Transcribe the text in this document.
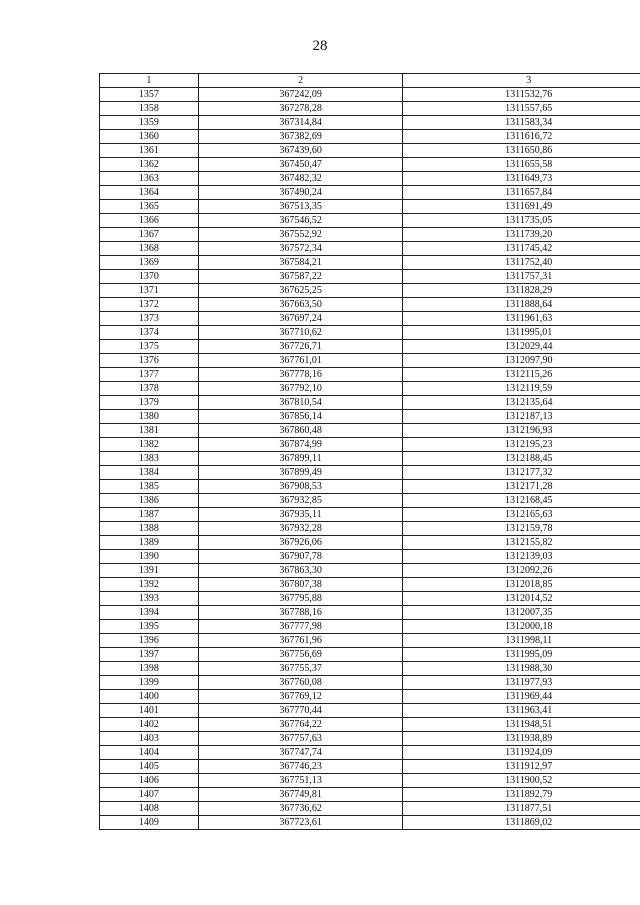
28
1	2	3
1357	367242,09	1311532,76
1358	367278,28	1311557,65
1359	367314,84	1311583,34
1360	367382,69	1311616,72
1361	367439,60	1311650,86
1362	367450,47	1311655,58
1363	367482,32	1311649,73
1364	367490,24	1311657,84
1365	367513,35	1311691,49
1366	367546,52	1311735,05
1367	367552,92	1311739,20
1368	367572,34	1311745,42
1369	367584,21	1311752,40
1370	367587,22	1311757,31
1371	367625,25	1311828,29
1372	367663,50	1311888,64
1373	367697,24	1311961,63
1374	367710,62	1311995,01
1375	367726,71	1312029,44
1376	367761,01	1312097,90
1377	367778,16	1312115,26
1378	367792,10	1312119,59
1379	367810,54	1312135,64
1380	367856,14	1312187,13
1381	367860,48	1312196,93
1382	367874,99	1312195,23
1383	367899,11	1312188,45
1384	367899,49	1312177,32
1385	367908,53	1312171,28
1386	367932,85	1312168,45
1387	367935,11	1312165,63
1388	367932,28	1312159,78
1389	367926,06	1312155,82
1390	367907,78	1312139,03
1391	367863,30	1312092,26
1392	367807,38	1312018,85
1393	367795,88	1312014,52
1394	367788,16	1312007,35
1395	367777,98	1312000,18
1396	367761,96	1311998,11
1397	367756,69	1311995,09
1398	367755,37	1311988,30
1399	367760,08	1311977,93
1400	367769,12	1311969,44
1401	367770,44	1311963,41
1402	367764,22	1311948,51
1403	367757,63	1311938,89
1404	367747,74	1311924,09
1405	367746,23	1311912,97
1406	367751,13	1311900,52
1407	367749,81	1311892,79
1408	367736,62	1311877,51
1409	367723,61	1311869,02
